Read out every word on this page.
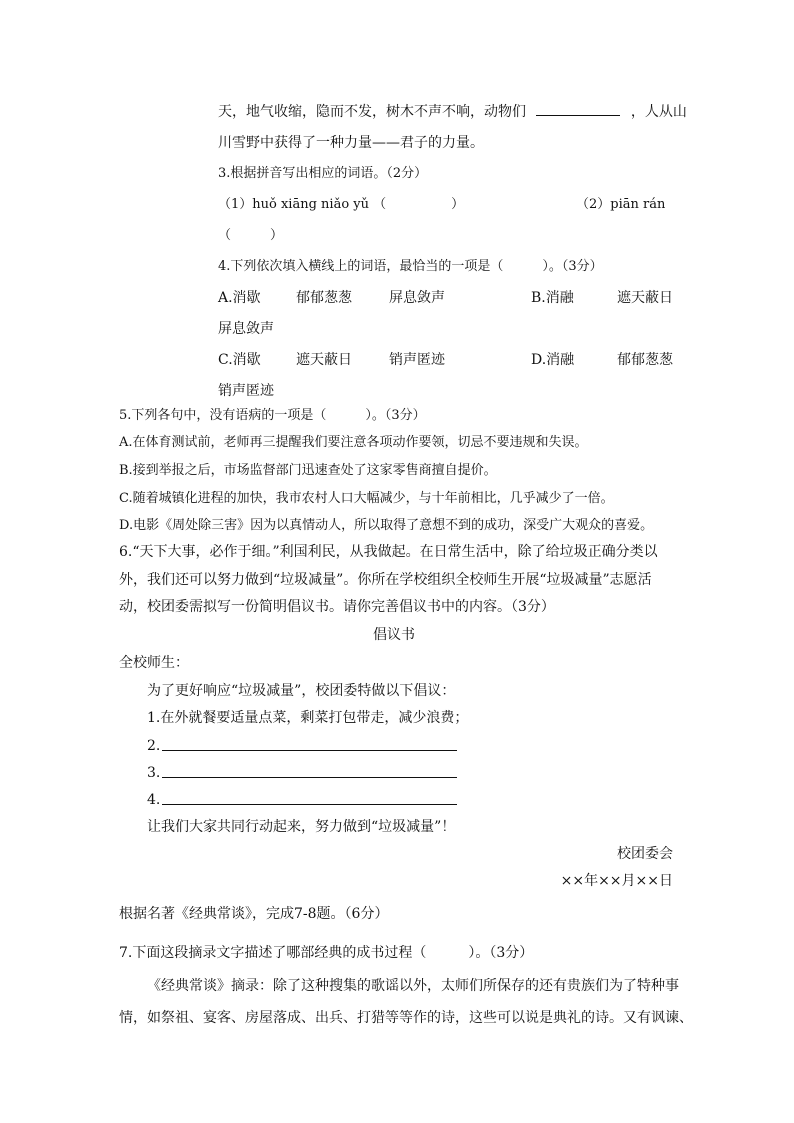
天，地气收缩，隐而不发，树木不声不响，动物们	，人从山
川雪野中获得了一种力量——君子的力量。
3.根据拼音写出相应的词语。（2分）
（1）huǒ xiāng niǎo yǔ （　　　　　）	（2）piān rán
（　　　）
4.下列依次填入横线上的词语，最恰当的一项是（　　　）。（3分）
A.消歇	郁郁葱葱	屏息敛声	B.消融	遮天蔽日
屏息敛声
C.消歇	遮天蔽日	销声匿迹	D.消融	郁郁葱葱
销声匿迹
5.下列各句中，没有语病的一项是（　　　）。（3分）
A.在体育测试前，老师再三提醒我们要注意各项动作要领，切忌不要违规和失误。
B.接到举报之后，市场监督部门迅速查处了这家零售商擅自提价。
C.随着城镇化进程的加快，我市农村人口大幅减少，与十年前相比，几乎减少了一倍。
D.电影《周处除三害》因为以真情动人，所以取得了意想不到的成功，深受广大观众的喜爱。
6.“天下大事，必作于细。”利国利民，从我做起。在日常生活中，除了给垃圾正确分类以
外，我们还可以努力做到“垃圾减量”。你所在学校组织全校师生开展“垃圾减量”志愿活
动，校团委需拟写一份简明倡议书。请你完善倡议书中的内容。（3分）
倡议书
全校师生：
为了更好响应“垃圾减量”，校团委特做以下倡议：
1.在外就餐要适量点菜，剩菜打包带走，减少浪费；
2.
3.
4.
让我们大家共同行动起来，努力做到“垃圾减量”！
校团委会
××年××月××日
根据名著《经典常谈》，完成7-8题。（6分）
7.下面这段摘录文字描述了哪部经典的成书过程（　　　）。（3分）
《经典常谈》摘录：除了这种搜集的歌谣以外，太师们所保存的还有贵族们为了特种事
情，如祭祖、宴客、房屋落成、出兵、打猎等等作的诗，这些可以说是典礼的诗。又有讽谏、
